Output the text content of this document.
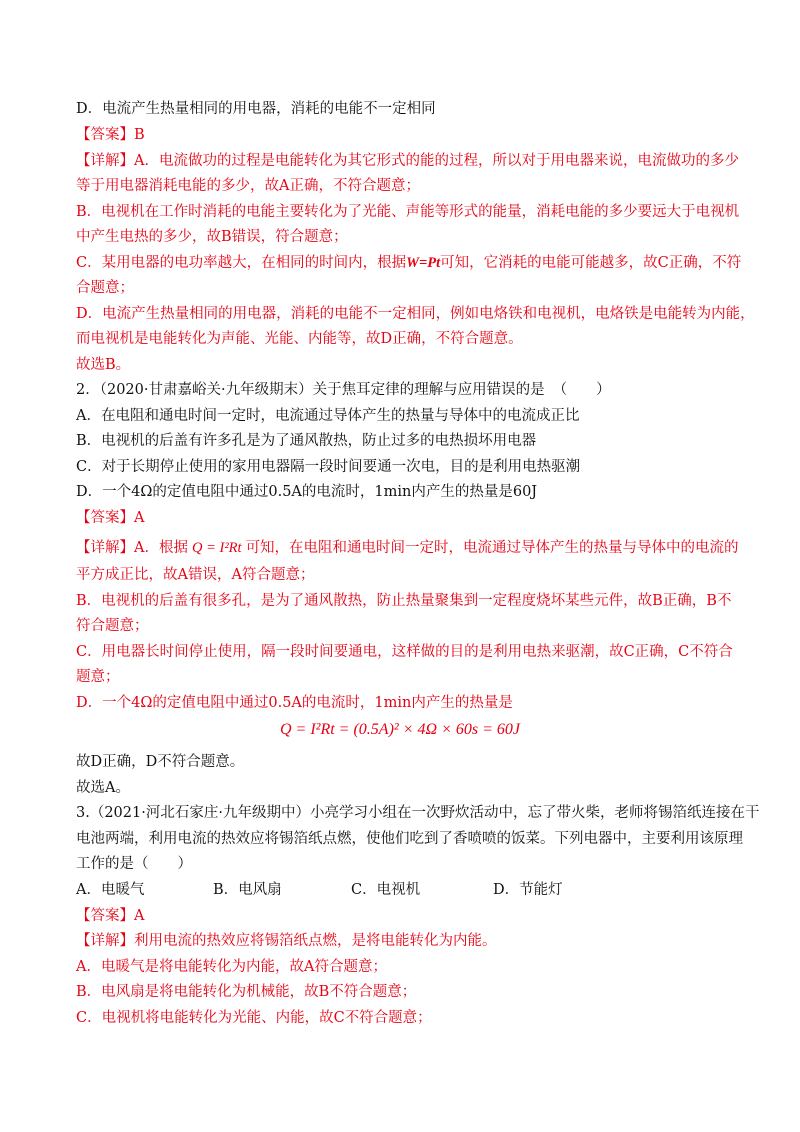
D．电流产生热量相同的用电器，消耗的电能不一定相同
【答案】B
【详解】A．电流做功的过程是电能转化为其它形式的能的过程，所以对于用电器来说，电流做功的多少
等于用电器消耗电能的多少，故A正确，不符合题意；
B．电视机在工作时消耗的电能主要转化为了光能、声能等形式的能量，消耗电能的多少要远大于电视机
中产生电热的多少，故B错误，符合题意；
C．某用电器的电功率越大，在相同的时间内，根据W=Pt可知，它消耗的电能可能越多，故C正确，不符
合题意；
D．电流产生热量相同的用电器，消耗的电能不一定相同，例如电烙铁和电视机，电烙铁是电能转为内能，
而电视机是电能转化为声能、光能、内能等，故D正确，不符合题意。
故选B。
2．（2020·甘肃嘉峪关·九年级期末）关于焦耳定律的理解与应用错误的是 （　　）
A．在电阻和通电时间一定时，电流通过导体产生的热量与导体中的电流成正比
B．电视机的后盖有许多孔是为了通风散热，防止过多的电热损坏用电器
C．对于长期停止使用的家用电器隔一段时间要通一次电，目的是利用电热驱潮
D．一个4Ω的定值电阻中通过0.5A的电流时，1min内产生的热量是60J
【答案】A
【详解】A．根据 Q = I²Rt 可知，在电阻和通电时间一定时，电流通过导体产生的热量与导体中的电流的
平方成正比，故A错误，A符合题意；
B．电视机的后盖有很多孔，是为了通风散热，防止热量聚集到一定程度烧坏某些元件，故B正确，B不
符合题意；
C．用电器长时间停止使用，隔一段时间要通电，这样做的目的是利用电热来驱潮，故C正确，C不符合
题意；
D．一个4Ω的定值电阻中通过0.5A的电流时，1min内产生的热量是
Q = I²Rt = (0.5A)² × 4Ω × 60s = 60J
故D正确，D不符合题意。
故选A。
3.（2021·河北石家庄·九年级期中）小亮学习小组在一次野炊活动中，忘了带火柴，老师将锡箔纸连接在干
电池两端，利用电流的热效应将锡箔纸点燃，使他们吃到了香喷喷的饭菜。下列电器中，主要利用该原理
工作的是（　　）
A．电暖气	B．电风扇	C．电视机	D．节能灯
【答案】A
【详解】利用电流的热效应将锡箔纸点燃，是将电能转化为内能。
A．电暖气是将电能转化为内能，故A符合题意；
B．电风扇是将电能转化为机械能，故B不符合题意；
C．电视机将电能转化为光能、内能，故C不符合题意；
